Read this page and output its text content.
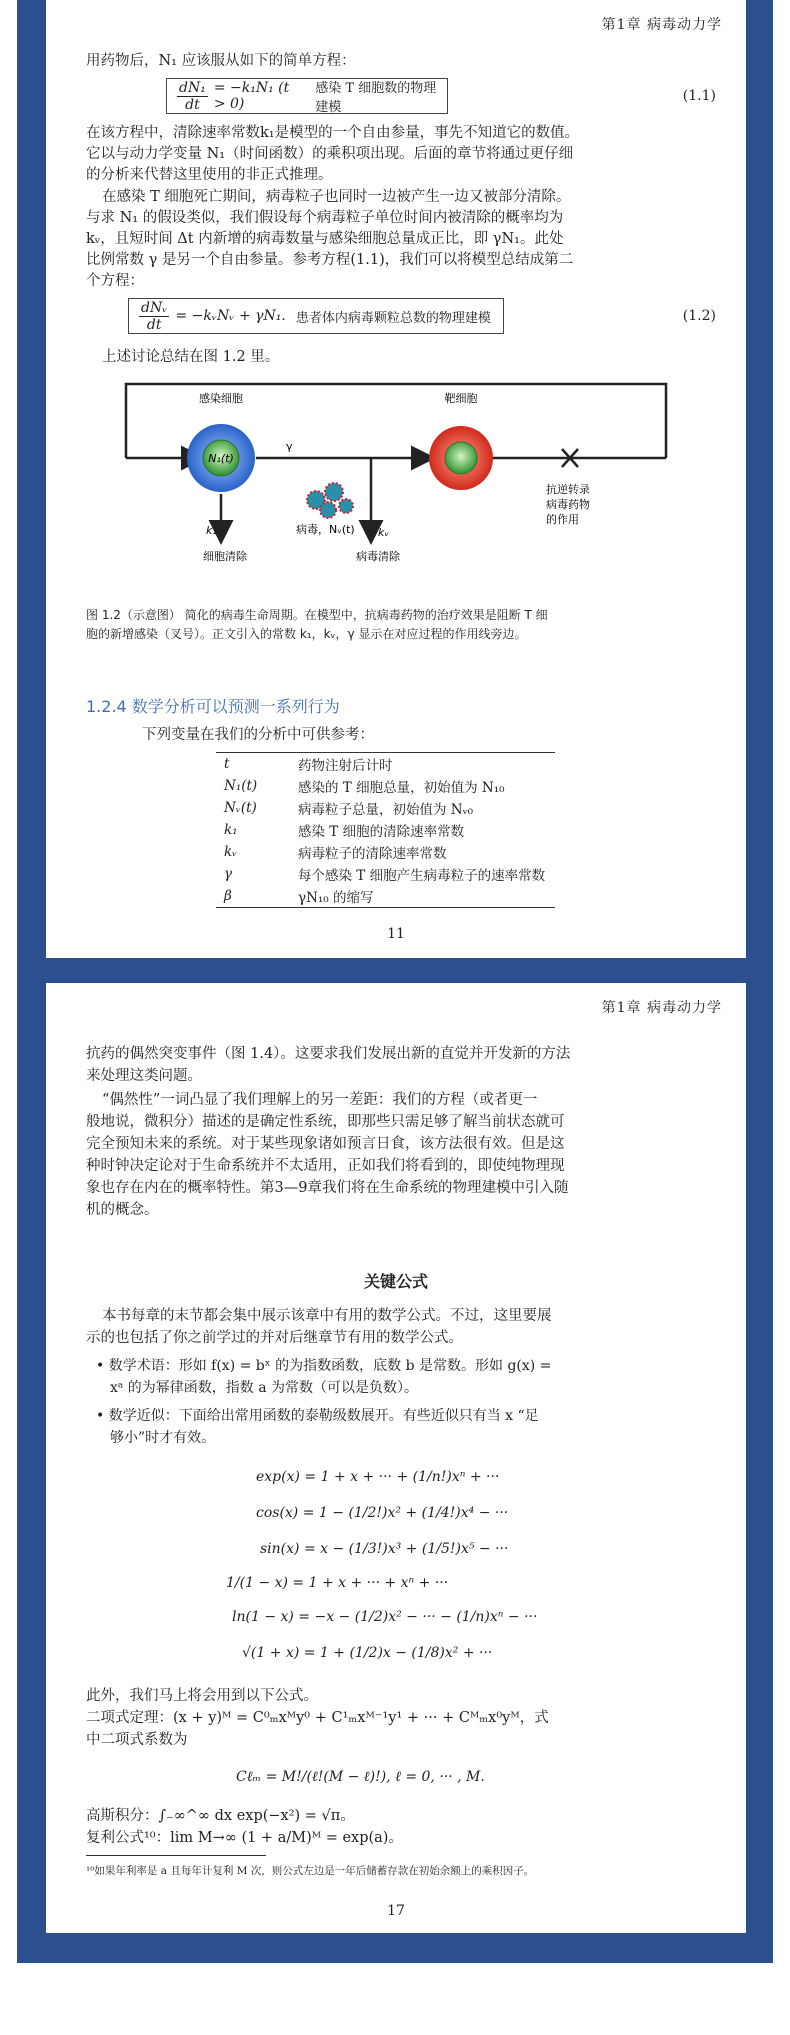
第1章 病毒动力学

用药物后，N₁ 应该服从如下的简单方程：

$\frac{\text{dN₁}}{dt} = -k_1N_1$ (t > 0)
感染 T 细胞数的物理建模
(1.1)

在该方程中，清除速率常数k₁是模型的一个自由参量，事先不知道它的数值。

它以与动力学变量 N₁（时间函数）的乘积项出现。后面的章节将通过更仔细

的分析来代替这里使用的非正式推理。

在感染 T 细胞死亡期间，病毒粒子也同时一边被产生一边又被部分清除。

与求 N₁ 的假设类似，我们假设每个病毒粒子单位时间内被清除的概率均为

kᵥ，且短时间 Δt 内新增的病毒数量与感染细胞总量成正比，即 γN₁。此处

比例常数 γ 是另一个自由参量。参考方程(1.1)，我们可以将模型总结成第二

个方程：

$\frac{\text{dNᵥ}}{dt}$ = −kᵥNᵥ + γN₁. 患者体内病毒颗粒总数的物理建模	(1.2)

上述讨论总结在图 1.2 里。

感染细胞
N₁(t)
γ
靶细胞
抗逆转录
病毒药物
的作用
k₁
细胞清除
病毒，Nᵥ(t) kᵥ
病毒清除
图 1.2（示意图） 简化的病毒生命周期。在模型中，抗病毒药物的治疗效果是阻断 T 细
胞的新增感染（叉号）。正文引入的常数 k₁，kᵥ，γ 显示在对应过程的作用线旁边。
1.2.4 数学分析可以预测一系列行为

下列变量在我们的分析中可供参考：

t	药物注射后计时
N₁(t)	感染的 T 细胞总量，初始值为 N₁₀
Nᵥ(t)	病毒粒子总量，初始值为 Nᵥ₀
k₁	感染 T 细胞的清除速率常数
kᵥ	病毒粒子的清除速率常数
γ	每个感染 T 细胞产生病毒粒子的速率常数
β	γN₁₀ 的缩写
11
第1章 病毒动力学

抗药的偶然突变事件（图 1.4）。这要求我们发展出新的直觉并开发新的方法

来处理这类问题。

“偶然性”一词凸显了我们理解上的另一差距：我们的方程（或者更一

般地说，微积分）描述的是确定性系统，即那些只需足够了解当前状态就可

完全预知未来的系统。对于某些现象诸如预言日食，该方法很有效。但是这

种时钟决定论对于生命系统并不太适用，正如我们将看到的，即使纯物理现

象也存在内在的概率特性。第3—9章我们将在生命系统的物理建模中引入随

机的概念。

关键公式

本书每章的末节都会集中展示该章中有用的数学公式。不过，这里要展

示的也包括了你之前学过的并对后继章节有用的数学公式。

• 数学术语：形如 f(x) = bˣ 的为指数函数，底数 b 是常数。形如 g(x) =
xᵃ 的为幂律函数，指数 a 为常数（可以是负数）。
• 数学近似：下面给出常用函数的泰勒级数展开。有些近似只有当 x “足
够小”时才有效。
exp(x) = 1 + x + ··· + (1/n!)xⁿ + ···
cos(x) = 1 − (1/2!)x² + (1/4!)x⁴ − ···
sin(x) = x − (1/3!)x³ + (1/5!)x⁵ − ···
1/(1 − x) = 1 + x + ··· + xⁿ + ···
ln(1 − x) = −x − (1/2)x² − ··· − (1/n)xⁿ − ···
√(1 + x) = 1 + (1/2)x − (1/8)x² + ···

此外，我们马上将会用到以下公式。

二项式定理：(x + y)ᴹ = C⁰ₘxᴹy⁰ + C¹ₘxᴹ⁻¹y¹ + ··· + Cᴹₘx⁰yᴹ，式

中二项式系数为

Cℓₘ = M!/(ℓ!(M − ℓ)!), ℓ = 0, ··· , M.

高斯积分：∫₋∞^∞ dx exp(−x²) = √π。

复利公式¹⁰：lim M→∞ (1 + a/M)ᴹ = exp(a)。

¹⁰如果年利率是 a 且每年计复利 M 次，则公式左边是一年后储蓄存款在初始余额上的乘积因子。
17
